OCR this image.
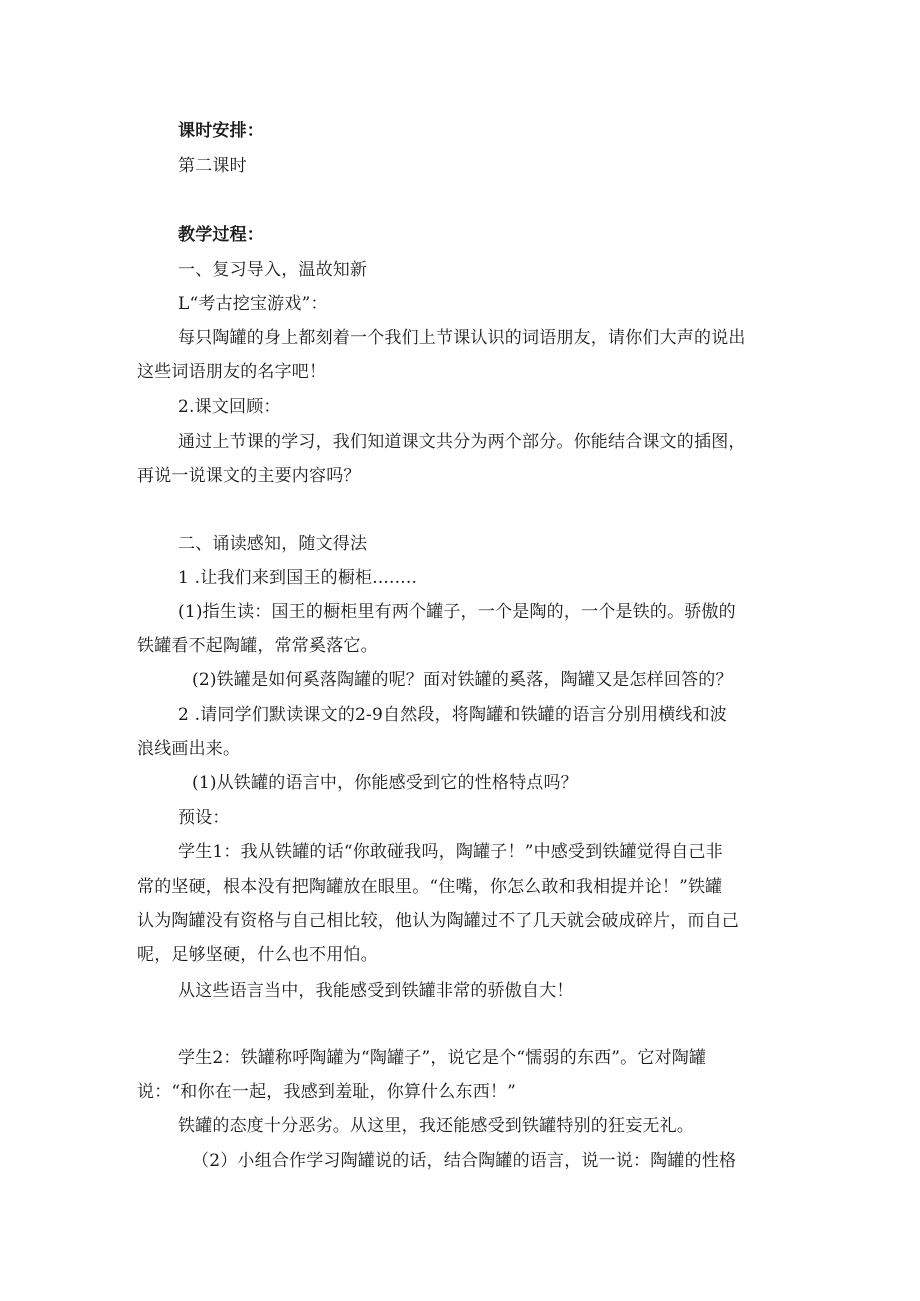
课时安排：
第二课时
教学过程：
一、复习导入，温故知新
L“考古挖宝游戏”：
每只陶罐的身上都刻着一个我们上节课认识的词语朋友，请你们大声的说出
这些词语朋友的名字吧！
2.课文回顾：
通过上节课的学习，我们知道课文共分为两个部分。你能结合课文的插图，
再说一说课文的主要内容吗？
二、诵读感知，随文得法
1 .让我们来到国王的橱柜........
(1)指生读：国王的橱柜里有两个罐子，一个是陶的，一个是铁的。骄傲的
铁罐看不起陶罐，常常奚落它。
(2)铁罐是如何奚落陶罐的呢？面对铁罐的奚落，陶罐又是怎样回答的？
2 .请同学们默读课文的2-9自然段，将陶罐和铁罐的语言分别用横线和波
浪线画出来。
(1)从铁罐的语言中，你能感受到它的性格特点吗？
预设：
学生1：我从铁罐的话“你敢碰我吗，陶罐子！”中感受到铁罐觉得自己非
常的坚硬，根本没有把陶罐放在眼里。“住嘴，你怎么敢和我相提并论！”铁罐
认为陶罐没有资格与自己相比较，他认为陶罐过不了几天就会破成碎片，而自己
呢，足够坚硬，什么也不用怕。
从这些语言当中，我能感受到铁罐非常的骄傲自大！
学生2：铁罐称呼陶罐为“陶罐子”，说它是个“懦弱的东西”。它对陶罐
说：“和你在一起，我感到羞耻，你算什么东西！”
铁罐的态度十分恶劣。从这里，我还能感受到铁罐特别的狂妄无礼。
（2）小组合作学习陶罐说的话，结合陶罐的语言，说一说：陶罐的性格
